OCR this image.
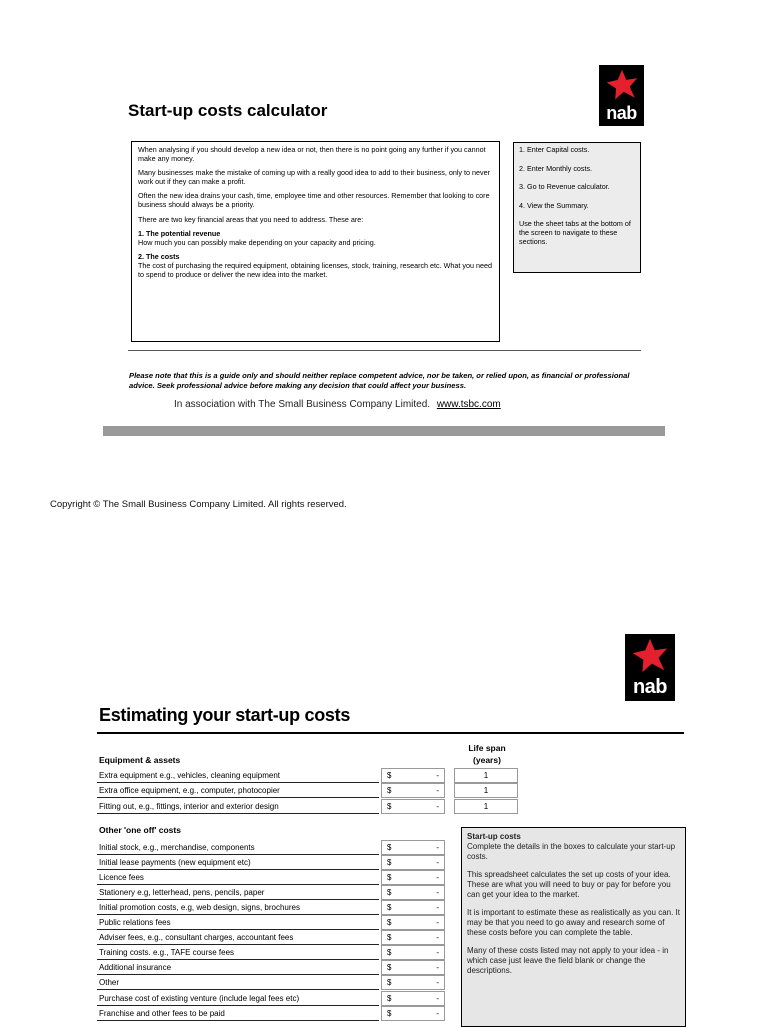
nab
Start-up costs calculator

When analysing if you should develop a new idea or not, then there is no point going any further if you cannot make any money.

Many businesses make the mistake of coming up with a really good idea to add to their business, only to never work out if they can make a profit.

Often the new idea drains your cash, time, employee time and other resources. Remember that looking to core business should always be a priority.

There are two key financial areas that you need to address. These are:

1. The potential revenue

How much you can possibly make depending on your capacity and pricing.

2. The costs

The cost of purchasing the required equipment, obtaining licenses, stock, training, research etc. What you need to spend to produce or deliver the new idea into the market.

1. Enter Capital costs.

2. Enter Monthly costs.

3. Go to Revenue calculator.

4. View the Summary.

Use the sheet tabs at the bottom of the screen to navigate to these sections.

Please note that this is a guide only and should neither replace competent advice, nor be taken, or relied upon, as financial or professional advice. Seek professional advice before making any decision that could affect your business.
In association with The Small Business Company Limited. www.tsbc.com
Copyright © The Small Business Company Limited. All rights reserved.
nab
Estimating your start-up costs
Life span
(years)
Equipment & assets
Extra equipment e.g., vehicles, cleaning equipment	$	-	1
Extra office equipment, e.g., computer, photocopier	$	-	1
Fitting out, e.g., fittings, interior and exterior design	$	-	1
Other 'one off' costs
Initial stock, e.g., merchandise, components	$	-
Initial lease payments (new equipment etc)	$	-
Licence fees	$	-
Stationery e.g, letterhead, pens, pencils, paper	$	-
Initial promotion costs, e.g, web design, signs, brochures	$	-
Public relations fees	$	-
Adviser fees, e.g., consultant charges, accountant fees	$	-
Training costs. e.g., TAFE course fees	$	-
Additional insurance	$	-
Other	$	-
Purchase cost of existing venture (include legal fees etc)	$	-
Franchise and other fees to be paid	$	-
Start-up costs

Complete the details in the boxes to calculate your start-up costs.

This spreadsheet calculates the set up costs of your idea. These are what you will need to buy or pay for before you can get your idea to the market.

It is important to estimate these as realistically as you can. It may be that you need to go away and research some of these costs before you can complete the table.

Many of these costs listed may not apply to your idea - in which case just leave the field blank or change the descriptions.
